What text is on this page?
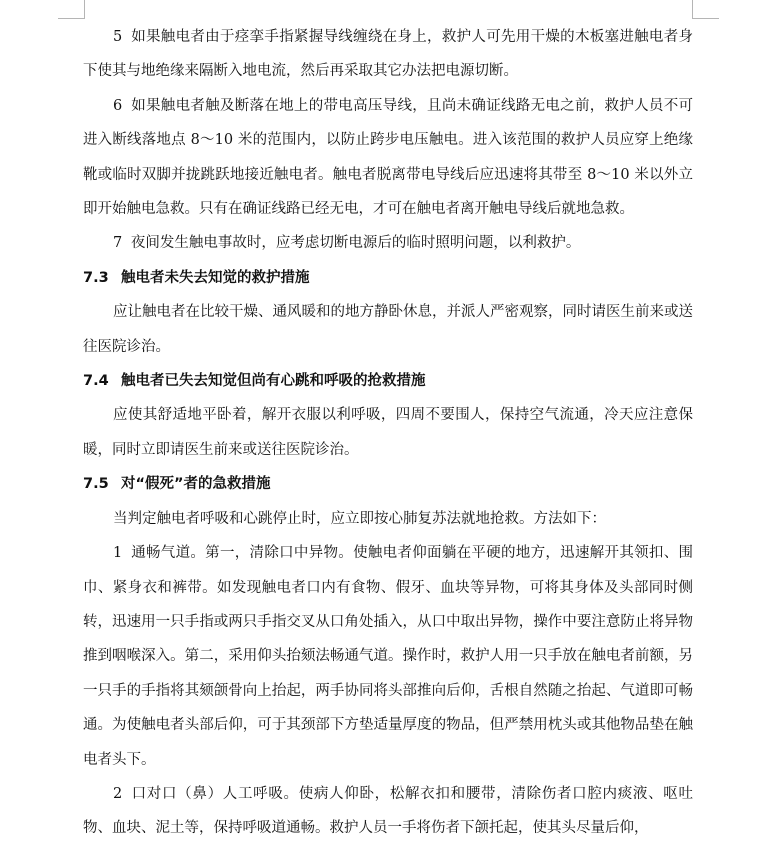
5 如果触电者由于痉挛手指紧握导线缠绕在身上，救护人可先用干燥的木板塞进触电者身下使其与地绝缘来隔断入地电流，然后再采取其它办法把电源切断。

6 如果触电者触及断落在地上的带电高压导线，且尚未确证线路无电之前，救护人员不可进入断线落地点 8～10 米的范围内，以防止跨步电压触电。进入该范围的救护人员应穿上绝缘靴或临时双脚并拢跳跃地接近触电者。触电者脱离带电导线后应迅速将其带至 8～10 米以外立即开始触电急救。只有在确证线路已经无电，才可在触电者离开触电导线后就地急救。

7 夜间发生触电事故时，应考虑切断电源后的临时照明问题，以利救护。

7.3 触电者未失去知觉的救护措施

应让触电者在比较干燥、通风暖和的地方静卧休息，并派人严密观察，同时请医生前来或送往医院诊治。

7.4 触电者已失去知觉但尚有心跳和呼吸的抢救措施

应使其舒适地平卧着，解开衣服以利呼吸，四周不要围人，保持空气流通，冷天应注意保暖，同时立即请医生前来或送往医院诊治。

7.5 对“假死”者的急救措施

当判定触电者呼吸和心跳停止时，应立即按心肺复苏法就地抢救。方法如下：

1 通畅气道。第一，清除口中异物。使触电者仰面躺在平硬的地方，迅速解开其领扣、围巾、紧身衣和裤带。如发现触电者口内有食物、假牙、血块等异物，可将其身体及头部同时侧转，迅速用一只手指或两只手指交叉从口角处插入，从口中取出异物，操作中要注意防止将异物推到咽喉深入。第二，采用仰头抬颏法畅通气道。操作时，救护人用一只手放在触电者前额，另一只手的手指将其颏颌骨向上抬起，两手协同将头部推向后仰，舌根自然随之抬起、气道即可畅通。为使触电者头部后仰，可于其颈部下方垫适量厚度的物品，但严禁用枕头或其他物品垫在触电者头下。

2 口对口（鼻）人工呼吸。使病人仰卧，松解衣扣和腰带，清除伤者口腔内痰液、呕吐物、血块、泥土等，保持呼吸道通畅。救护人员一手将伤者下颌托起，使其头尽量后仰，
